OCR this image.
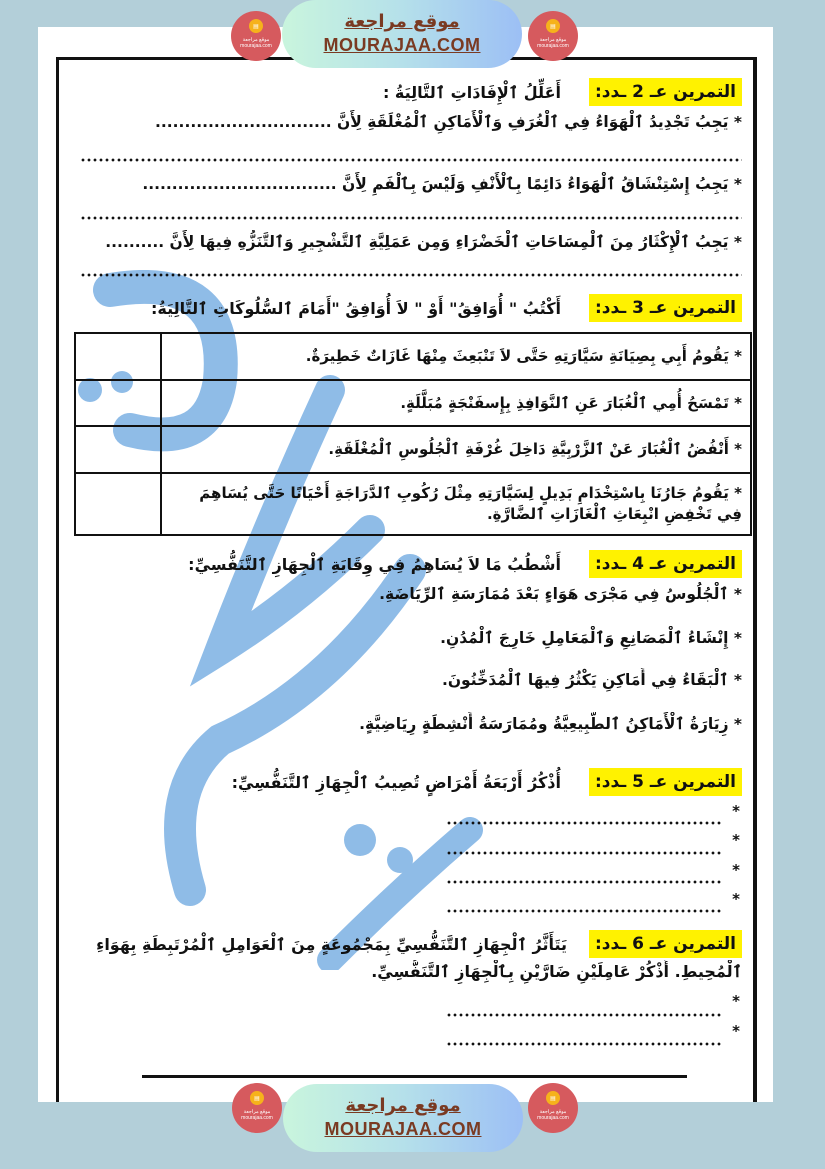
▤
موقع مراجعة
mourajaa.com
موقع مراجعة
MOURAJAA.COM
▤
موقع مراجعة
mourajaa.com
التمرين عـ 2 ـدد:
أَعَلِّلُ ٱلْإِفَادَاتِ ٱلتَّالِيَةُ :
* يَجِبُ تَجْدِيدُ ٱلْهَوَاءُ فِي ٱلْغُرَفِ وَٱلْأَمَاكِنِ ٱلْمُغْلَقَةِ لِأَنَّ ..............................
* يَجِبُ إِسْتِنْشَاقُ ٱلْهَوَاءُ دَائِمًا بِٱلْأَنْفِ وَلَيْسَ بِٱلْفَمِ لِأَنَّ .................................
* يَجِبُ ٱلْإِكْثَارُ مِنَ ٱلْمِسَاحَاتِ ٱلْخَضْرَاءِ وَمِن عَمَلِيَّةِ ٱلتَّشْجِيرِ وَٱلتَّنَزُّهِ فِيهَا لِأَنَّ ..........
التمرين عـ 3 ـدد:
أَكْتُبُ " أُوَافِقُ" أَوْ " لاَ أُوَافِقُ "أَمَامَ ٱلسُّلُوكَاتِ ٱلتَّالِيَةُ:
* يَقُومُ أَبِي بِصِيَانَةِ سَيَّارَتِهِ حَتَّى لاَ تَنْبَعِثَ مِنْهَا غَازَاتٌ خَطِيرَةٌ.	
* تَمْسَحُ أُمِي ٱلْغُبَارَ عَنِ ٱلنَّوَافِذِ بِإِسفَنْجَةٍ مُبَلَّلَةٍ.	
* أَنْفُضُ ٱلْغُبَارَ عَنْ ٱلزَّرْبِيَّةِ دَاخِلَ غُرْفَةِ ٱلْجُلُوسِ ٱلْمُغْلَقَةِ.	
* يَقُومُ جَارُنَا بِاسْتِخْدَامِ بَدِيلٍ لِسَيَّارَتِهِ مِثْلَ رُكُوبِ ٱلدَّرَاجَةِ أَحْيَانًا حَتَّى يُسَاهِمَ فِي تَخْفِضِ انْبِعَاثِ ٱلْغَازَاتِ ٱلضَّارَّةِ.	
التمرين عـ 4 ـدد:
أَشْطُبُ مَا لاَ يُسَاهِمُ فِي وِقَايَةِ ٱلْجِهَازِ ٱلتَّنَفُّسِيِّ:
* ٱلْجُلُوسُ فِي مَجْرَى هَوَاءٍ بَعْدَ مُمَارَسَةِ ٱلرِّيَاضَةِ.
* إِنْشَاءُ ٱلْمَصَانِعِ وَٱلْمَعَامِلِ خَارِجَ ٱلْمُدُنِ.
* ٱلْبَقَاءُ فِي أَمَاكِنِ يَكْثُرُ فِيهَا ٱلْمُدَخِّنُونَ.
* زِيَارَةُ ٱلْأَمَاكِنُ ٱلطَّبِيعِيَّةُ ومُمَارَسَةُ أَنْشِطَةٍ رِيَاضِيَّةٍ.
التمرين عـ 5 ـدد:
أُذْكُرُ أَرْبَعَةُ أَمْرَاضٍ تُصِيبُ ٱلْجِهَازِ ٱلتَّنَفُّسِيِّ:
*
*
*
*
التمرين عـ 6 ـدد:
يَتَأَثَّرُ ٱلْجِهَازِ ٱلتَّنَفُّسِيِّ بِمَجْمُوعَةٍ مِنَ ٱلْعَوَامِلِ ٱلْمُرْتَبِطَةِ بِهَوَاءِ
ٱلْمُحِيطِ. أُذْكُرْ عَامِلَيْنِ ضَارَّيْنِ بِٱلْجِهَازِ ٱلتَّنَفُّسِيِّ.
*
*
▤
موقع مراجعة
mourajaa.com
موقع مراجعة
MOURAJAA.COM
▤
موقع مراجعة
mourajaa.com
